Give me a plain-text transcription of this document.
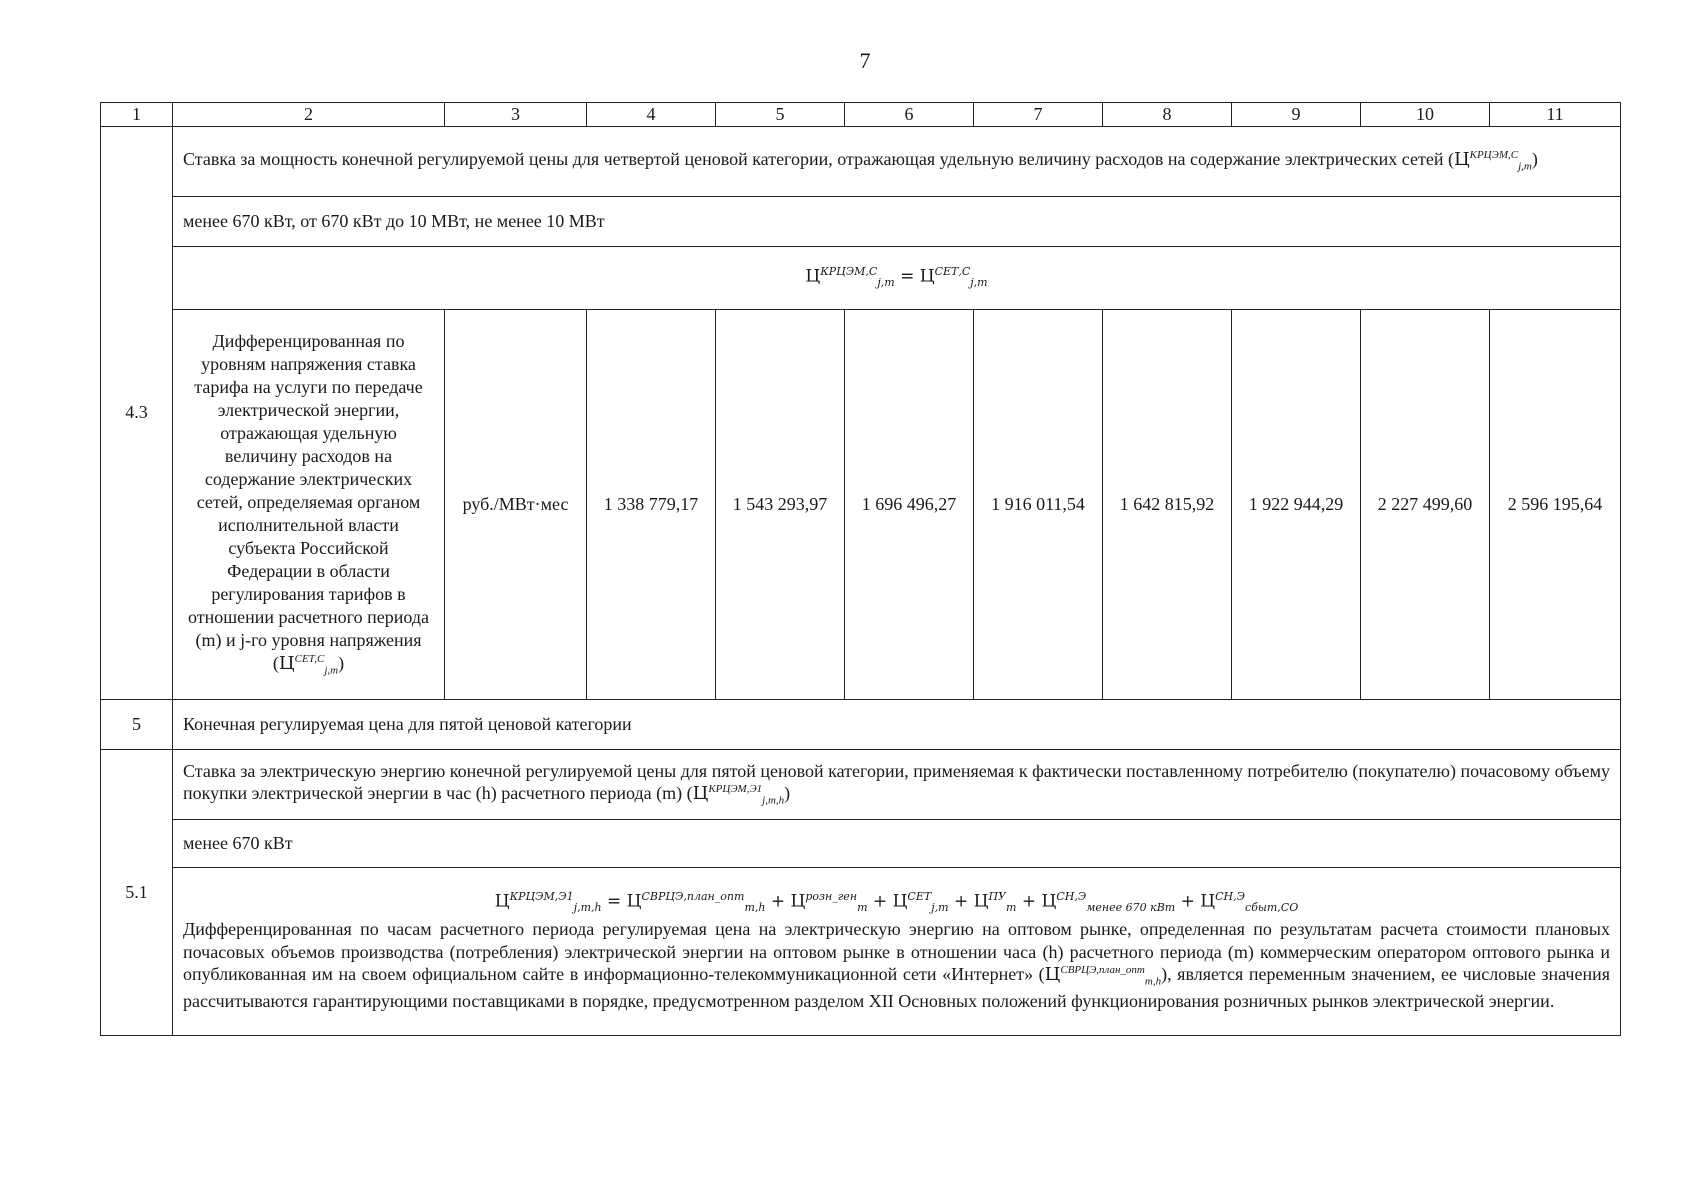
7
1	2	3	4	5	6	7	8	9	10	11
4.3	Ставка за мощность конечной регулируемой цены для четвертой ценовой категории, отражающая удельную величину расходов на содержание электрических сетей $(Ц^{КРЦЭМ,С}_{j,m})$									
	менее 670 кВт, от 670 кВт до 10 МВт, не менее 10 МВт									
	$Ц^{КРЦЭМ,С}_{j,m} = Ц^{СЕТ,С}_{j,m}$
	Дифференцированная по уровням напряжения ставка тарифа на услуги по передаче электрической энергии, отражающая удельную величину расходов на содержание электрических сетей, определяемая органом исполнительной власти субъекта Российской Федерации в области регулирования тарифов в отношении расчетного периода (m) и j-го уровня напряжения $(Ц^{СЕТ,С}_{j,m})$	руб./МВт·мес	1 338 779,17	1 543 293,97	1 696 496,27	1 916 011,54	1 642 815,92	1 922 944,29	2 227 499,60	2 596 195,64
5	Конечная регулируемая цена для пятой ценовой категории									
5.1	Ставка за электрическую энергию конечной регулируемой цены для пятой ценовой категории, применяемая к фактически поставленному потребителю (покупателю) почасовому объему покупки электрической энергии в час (h) расчетного периода (m) $(Ц^{КРЦЭМ,Э1}_{j,m,h})$									
	менее 670 кВт									

	$Ц^{КРЦЭМ,Э1}_{j,m,h} = Ц^{СВРЦЭ,план\_опт}_{m,h} + Ц^{розн\_ген}_m + Ц^{СЕТ}_{j,m} + Ц^{ПУ}_m + Ц^{СН,Э}_{менее 670 кВт} + Ц^{СН,Э}_{сбыт,СО}$
Дифференцированная по часам расчетного периода регулируемая цена на электрическую энергию на оптовом рынке, определенная по результатам расчета стоимости плановых почасовых объемов производства (потребления) электрической энергии на оптовом рынке в отношении часа (h) расчетного периода (m) коммерческим оператором оптового рынка и опубликованная им на своем официальном сайте в информационно-телекоммуникационной сети «Интернет» $(Ц^{СВРЦЭ,план\_опт}_{m,h})$, является переменным значением, ее числовые значения рассчитываются гарантирующими поставщиками в порядке, предусмотренном разделом XII Основных положений функционирования розничных рынков электрической энергии.									
